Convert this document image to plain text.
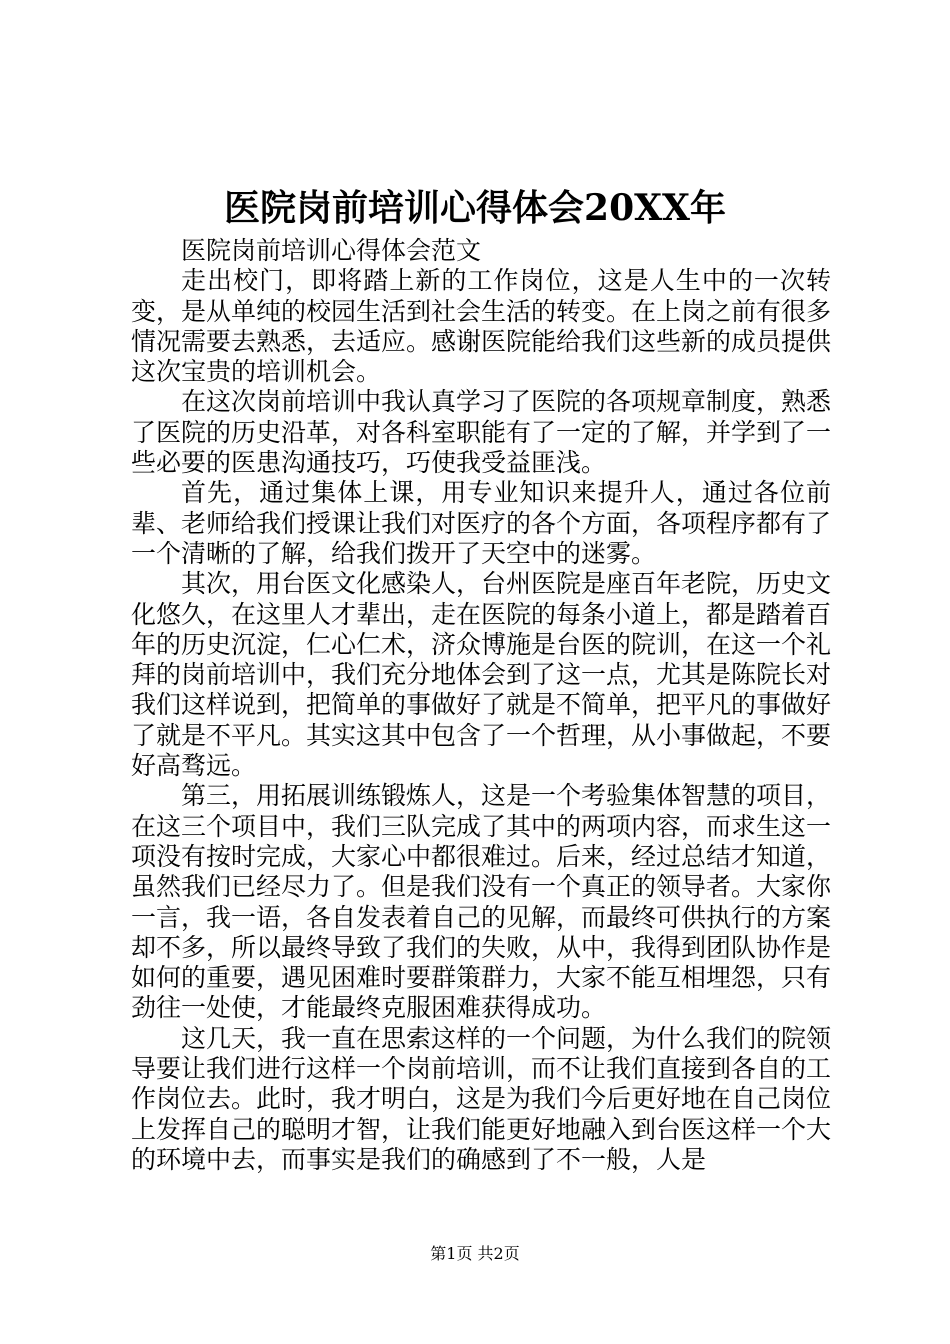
医院岗前培训心得体会20XX年

医院岗前培训心得体会范文

走出校门，即将踏上新的工作岗位，这是人生中的一次转变，是从单纯的校园生活到社会生活的转变。在上岗之前有很多情况需要去熟悉，去适应。感谢医院能给我们这些新的成员提供这次宝贵的培训机会。

在这次岗前培训中我认真学习了医院的各项规章制度，熟悉了医院的历史沿革，对各科室职能有了一定的了解，并学到了一些必要的医患沟通技巧，巧使我受益匪浅。

首先，通过集体上课，用专业知识来提升人，通过各位前辈、老师给我们授课让我们对医疗的各个方面，各项程序都有了一个清晰的了解，给我们拨开了天空中的迷雾。

其次，用台医文化感染人，台州医院是座百年老院，历史文化悠久，在这里人才辈出，走在医院的每条小道上，都是踏着百年的历史沉淀，仁心仁术，济众博施是台医的院训，在这一个礼拜的岗前培训中，我们充分地体会到了这一点，尤其是陈院长对我们这样说到，把简单的事做好了就是不简单，把平凡的事做好了就是不平凡。其实这其中包含了一个哲理，从小事做起，不要好高骛远。

第三，用拓展训练锻炼人，这是一个考验集体智慧的项目，在这三个项目中，我们三队完成了其中的两项内容，而求生这一项没有按时完成，大家心中都很难过。后来，经过总结才知道，虽然我们已经尽力了。但是我们没有一个真正的领导者。大家你一言，我一语，各自发表着自己的见解，而最终可供执行的方案却不多，所以最终导致了我们的失败，从中，我得到团队协作是如何的重要，遇见困难时要群策群力，大家不能互相埋怨，只有劲往一处使，才能最终克服困难获得成功。

这几天，我一直在思索这样的一个问题，为什么我们的院领导要让我们进行这样一个岗前培训，而不让我们直接到各自的工作岗位去。此时，我才明白，这是为我们今后更好地在自己岗位上发挥自己的聪明才智，让我们能更好地融入到台医这样一个大的环境中去，而事实是我们的确感到了不一般，人是

第1页 共2页
